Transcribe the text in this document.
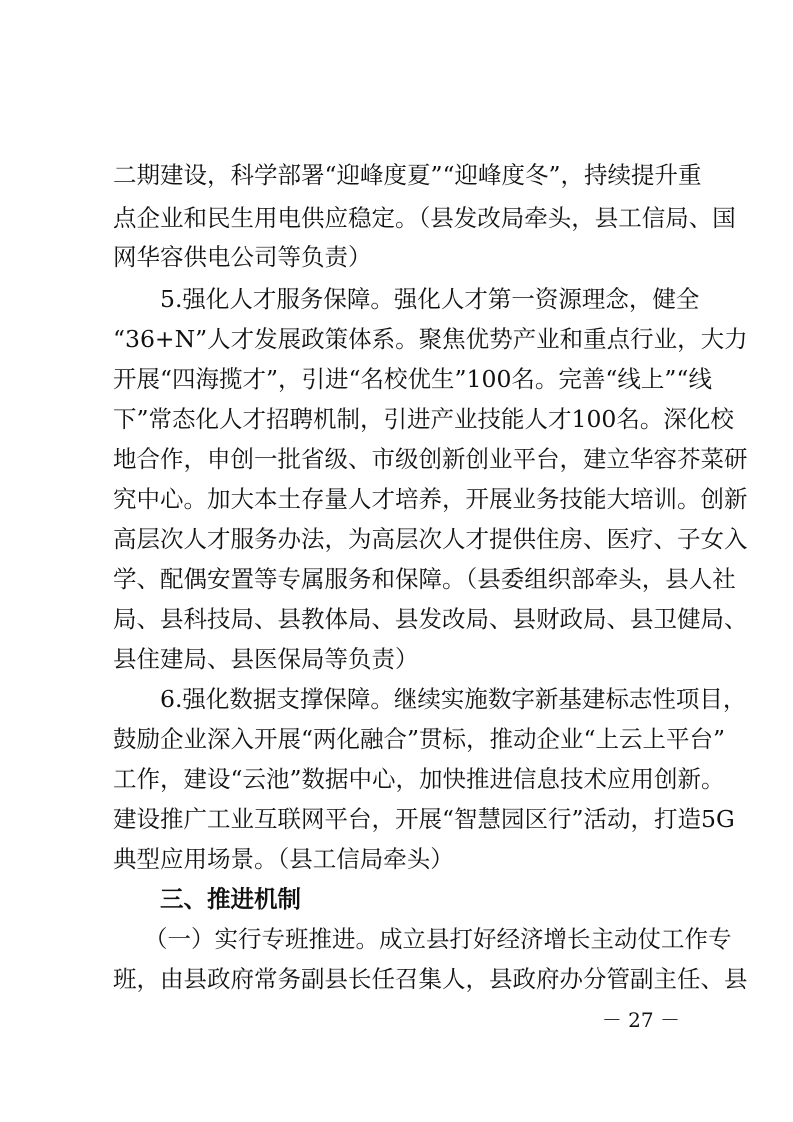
二期建设，科学部署“迎峰度夏”“迎峰度冬”，持续提升重
点企业和民生用电供应稳定。（县发改局牵头，县工信局、国
网华容供电公司等负责）
5.强化人才服务保障。强化人才第一资源理念，健全
“36+N”人才发展政策体系。聚焦优势产业和重点行业，大力
开展“四海揽才”，引进“名校优生”100名。完善“线上”“线
下”常态化人才招聘机制，引进产业技能人才100名。深化校
地合作，申创一批省级、市级创新创业平台，建立华容芥菜研
究中心。加大本土存量人才培养，开展业务技能大培训。创新
高层次人才服务办法，为高层次人才提供住房、医疗、子女入
学、配偶安置等专属服务和保障。（县委组织部牵头，县人社
局、县科技局、县教体局、县发改局、县财政局、县卫健局、
县住建局、县医保局等负责）
6.强化数据支撑保障。继续实施数字新基建标志性项目，
鼓励企业深入开展“两化融合”贯标，推动企业“上云上平台”
工作，建设“云池”数据中心，加快推进信息技术应用创新。
建设推广工业互联网平台，开展“智慧园区行”活动，打造5G
典型应用场景。（县工信局牵头）
三、推进机制
（一）实行专班推进。成立县打好经济增长主动仗工作专
班，由县政府常务副县长任召集人，县政府办分管副主任、县
－ 27 －
